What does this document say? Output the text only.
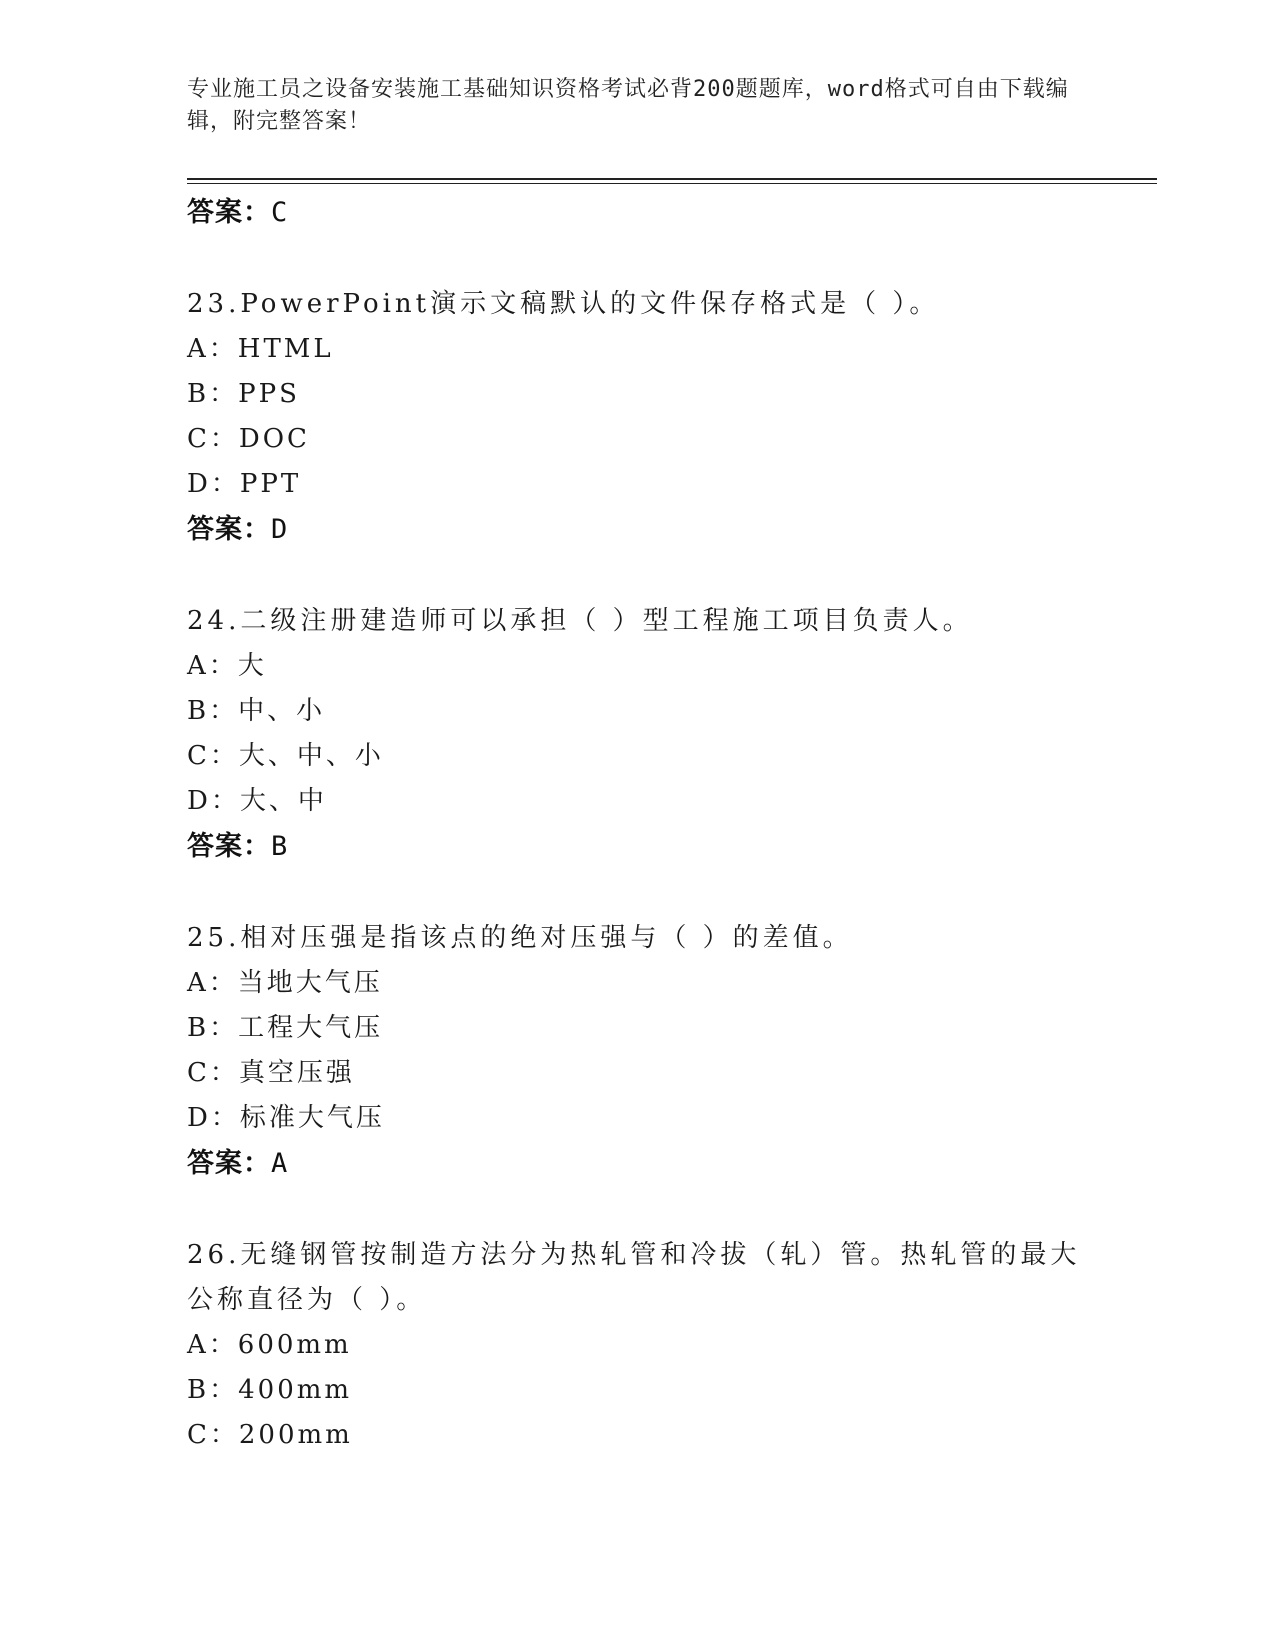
专业施工员之设备安装施工基础知识资格考试必背200题题库，word格式可自由下载编辑，附完整答案！
答案：C
23.PowerPoint演示文稿默认的文件保存格式是（ ）。
A：HTML
B：PPS
C：DOC
D：PPT
答案：D
24.二级注册建造师可以承担（ ）型工程施工项目负责人。
A：大
B：中、小
C：大、中、小
D：大、中
答案：B
25.相对压强是指该点的绝对压强与（ ）的差值。
A：当地大气压
B：工程大气压
C：真空压强
D：标准大气压
答案：A
26.无缝钢管按制造方法分为热轧管和冷拔（轧）管。热轧管的最大公称直径为（ ）。
A：600mm
B：400mm
C：200mm
